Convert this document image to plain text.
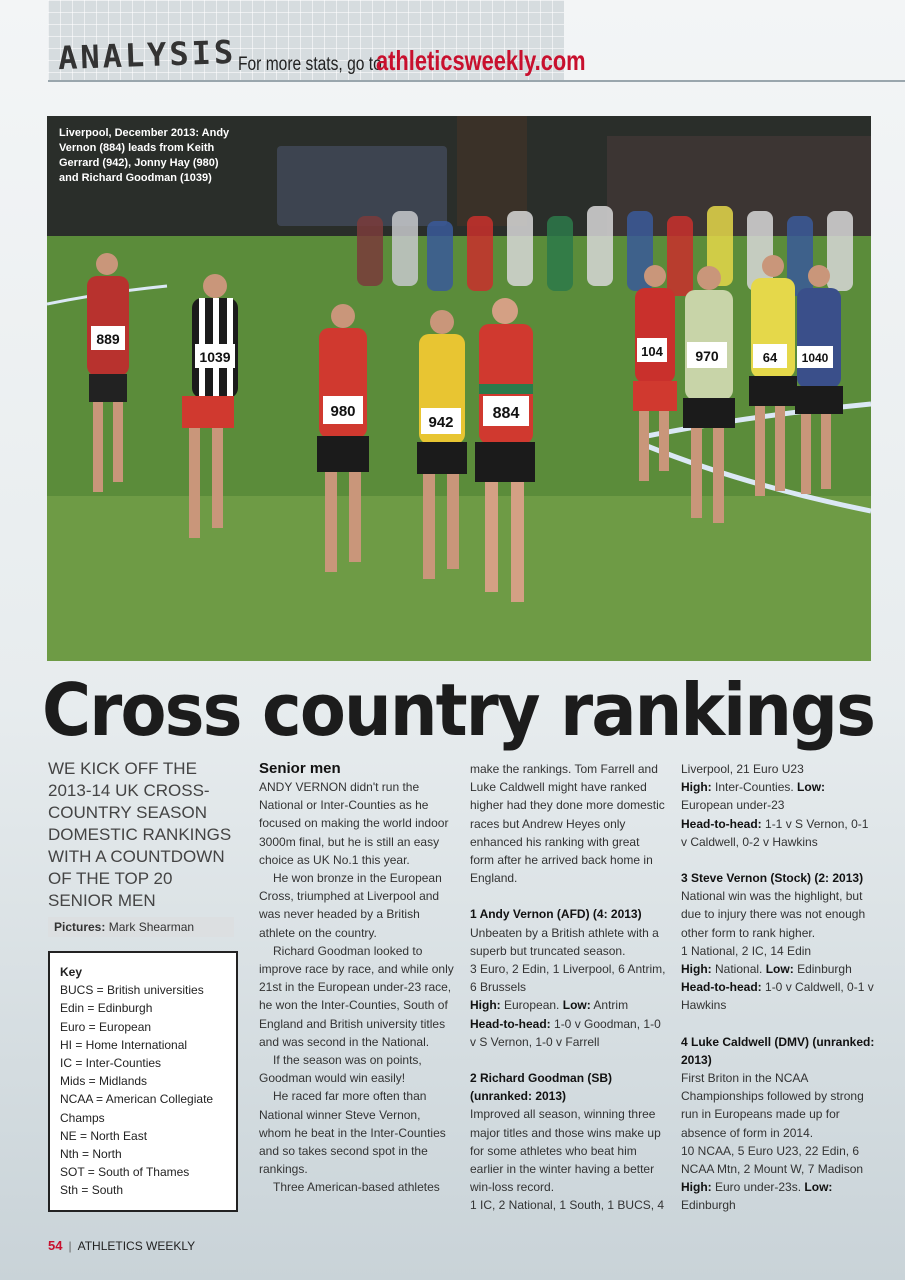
ANALYSIS For more stats, go to
athleticsweekly.com
889
1039
980
942
884
104 970	64 1040
Liverpool, December 2013: Andy Vernon (884) leads from Keith Gerrard (942), Jonny Hay (980) and Richard Goodman (1039)
Cross country rankings
WE KICK OFF THE 2013-14 UK CROSS-COUNTRY SEASON DOMESTIC RANKINGS WITH A COUNTDOWN OF THE TOP 20 SENIOR MEN
Pictures: Mark Shearman
Key
BUCS = British universities
Edin = Edinburgh
Euro = European
HI = Home International
IC = Inter-Counties
Mids = Midlands
NCAA = American Collegiate Champs
NE = North East
Nth = North
SOT = South of Thames
Sth = South
Senior men

ANDY VERNON didn't run the National or Inter-Counties as he focused on making the world indoor 3000m final, but he is still an easy choice as UK No.1 this year.

He won bronze in the European Cross, triumphed at Liverpool and was never headed by a British athlete on the country.

Richard Goodman looked to improve race by race, and while only 21st in the European under-23 race, he won the Inter-Counties, South of England and British university titles and was second in the National.

If the season was on points, Goodman would win easily!

He raced far more often than National winner Steve Vernon, whom he beat in the Inter-Counties and so takes second spot in the rankings.

Three American-based athletes

make the rankings. Tom Farrell and Luke Caldwell might have ranked higher had they done more domestic races but Andrew Heyes only enhanced his ranking with great form after he arrived back home in England.

1 Andy Vernon (AFD) (4: 2013)

Unbeaten by a British athlete with a superb but truncated season.

3 Euro, 2 Edin, 1 Liverpool, 6 Antrim, 6 Brussels

High: European. Low: Antrim

Head-to-head: 1-0 v Goodman, 1-0 v S Vernon, 1-0 v Farrell

2 Richard Goodman (SB) (unranked: 2013)

Improved all season, winning three major titles and those wins make up for some athletes who beat him earlier in the winter having a better win-loss record.

1 IC, 2 National, 1 South, 1 BUCS, 4

Liverpool, 21 Euro U23

High: Inter-Counties. Low: European under-23

Head-to-head: 1-1 v S Vernon, 0-1 v Caldwell, 0-2 v Hawkins

3 Steve Vernon (Stock) (2: 2013)

National win was the highlight, but due to injury there was not enough other form to rank higher.

1 National, 2 IC, 14 Edin

High: National. Low: Edinburgh

Head-to-head: 1-0 v Caldwell, 0-1 v Hawkins

4 Luke Caldwell (DMV) (unranked: 2013)

First Briton in the NCAA Championships followed by strong run in Europeans made up for absence of form in 2014.

10 NCAA, 5 Euro U23, 22 Edin, 6 NCAA Mtn, 2 Mount W, 7 Madison

High: Euro under-23s. Low: Edinburgh

54 | ATHLETICS WEEKLY
